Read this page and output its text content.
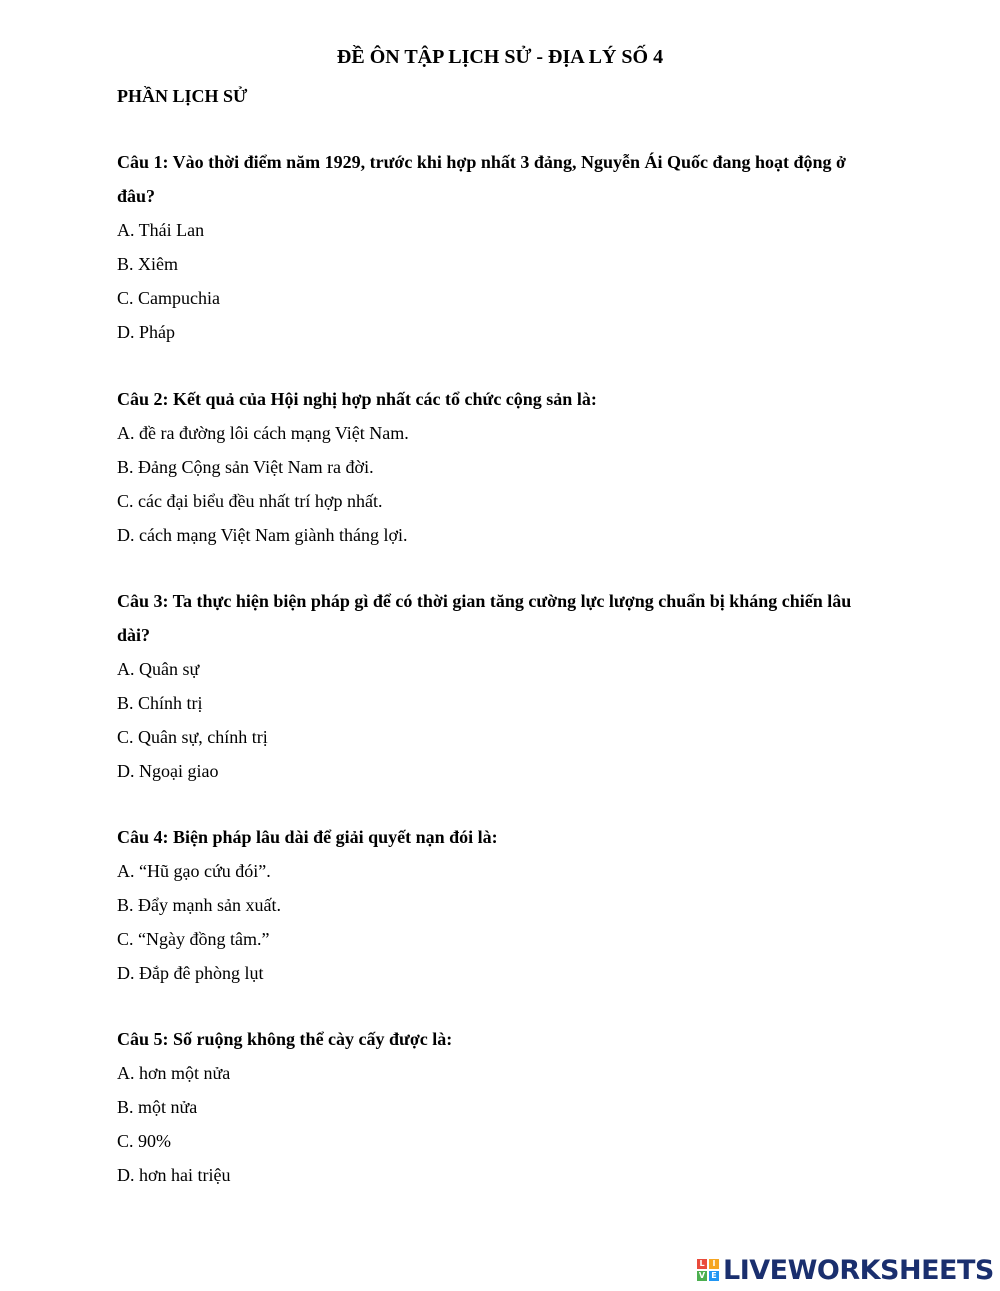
ĐỀ ÔN TẬP LỊCH SỬ - ĐỊA LÝ SỐ 4
PHẦN LỊCH SỬ

Câu 1: Vào thời điểm năm 1929, trước khi hợp nhất 3 đảng, Nguyễn Ái Quốc đang hoạt động ở đâu?

A. Thái Lan

B. Xiêm

C. Campuchia

D. Pháp

Câu 2: Kết quả của Hội nghị hợp nhất các tổ chức cộng sản là:

A. đề ra đường lôi cách mạng Việt Nam.

B. Đảng Cộng sản Việt Nam ra đời.

C. các đại biểu đều nhất trí hợp nhất.

D. cách mạng Việt Nam giành tháng lợi.

Câu 3: Ta thực hiện biện pháp gì để có thời gian tăng cường lực lượng chuẩn bị kháng chiến lâu dài?

A. Quân sự

B. Chính trị

C. Quân sự, chính trị

D. Ngoại giao

Câu 4: Biện pháp lâu dài để giải quyết nạn đói là:

A. “Hũ gạo cứu đói”.

B. Đẩy mạnh sản xuất.

C. “Ngày đồng tâm.”

D. Đắp đê phòng lụt

Câu 5: Số ruộng không thể cày cấy được là:

A. hơn một nửa

B. một nửa

C. 90%

D. hơn hai triệu

L I
V E LIVEWORKSHEETS
